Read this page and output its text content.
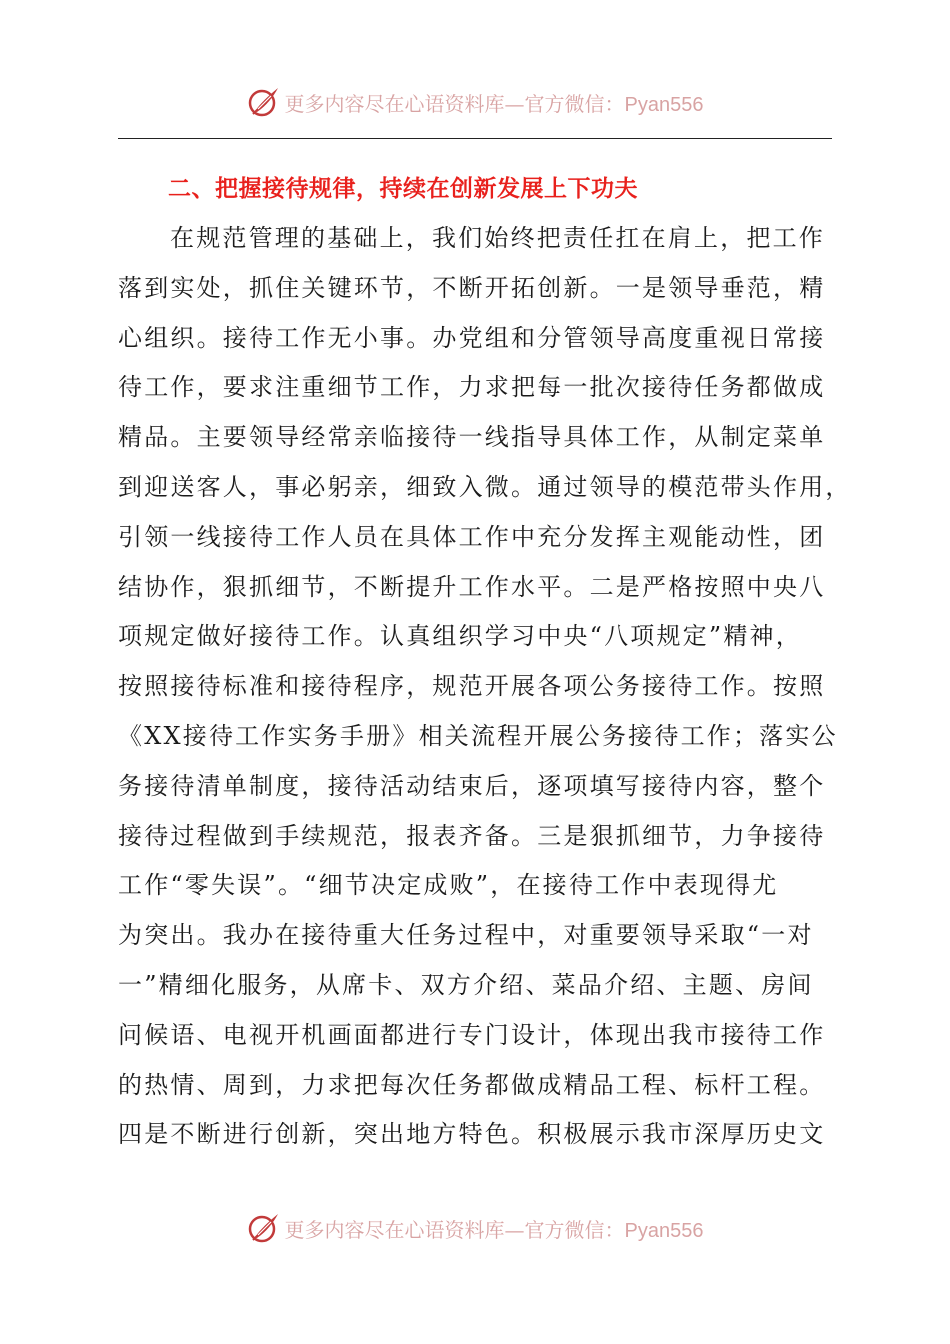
更多内容尽在心语资料库—官方微信：Pyan556
二、把握接待规律，持续在创新发展上下功夫
在规范管理的基础上，我们始终把责任扛在肩上，把工作
落到实处，抓住关键环节，不断开拓创新。一是领导垂范，精
心组织。接待工作无小事。办党组和分管领导高度重视日常接
待工作，要求注重细节工作，力求把每一批次接待任务都做成
精品。主要领导经常亲临接待一线指导具体工作，从制定菜单
到迎送客人，事必躬亲，细致入微。通过领导的模范带头作用，
引领一线接待工作人员在具体工作中充分发挥主观能动性，团
结协作，狠抓细节，不断提升工作水平。二是严格按照中央八
项规定做好接待工作。认真组织学习中央“八项规定”精神，
按照接待标准和接待程序，规范开展各项公务接待工作。按照
《XX接待工作实务手册》相关流程开展公务接待工作；落实公
务接待清单制度，接待活动结束后，逐项填写接待内容，整个
接待过程做到手续规范，报表齐备。三是狠抓细节，力争接待
工作“零失误”。“细节决定成败”，在接待工作中表现得尤
为突出。我办在接待重大任务过程中，对重要领导采取“一对
一”精细化服务，从席卡、双方介绍、菜品介绍、主题、房间
问候语、电视开机画面都进行专门设计，体现出我市接待工作
的热情、周到，力求把每次任务都做成精品工程、标杆工程。
四是不断进行创新，突出地方特色。积极展示我市深厚历史文
更多内容尽在心语资料库—官方微信：Pyan556
